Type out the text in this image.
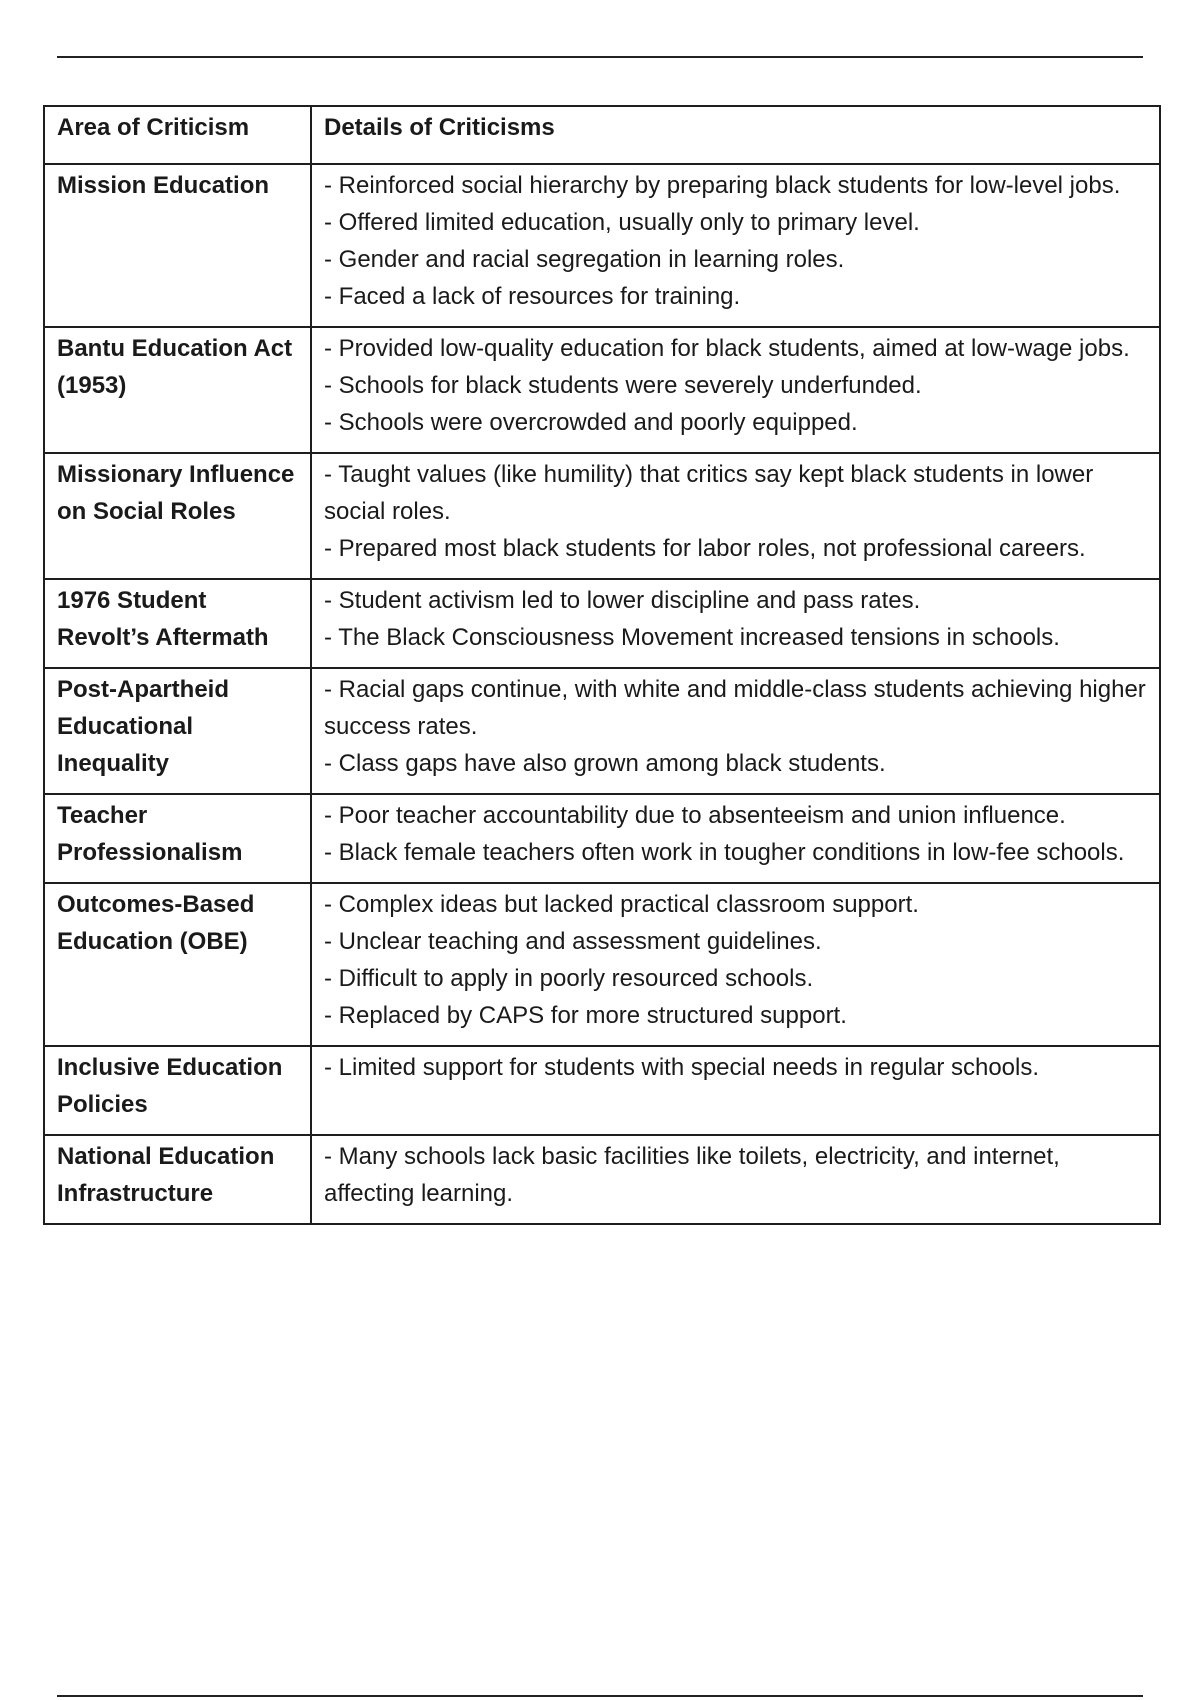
Area of Criticism	Details of Criticisms
Mission Education	- Reinforced social hierarchy by preparing black students for low-level jobs.
- Offered limited education, usually only to primary level.
- Gender and racial segregation in learning roles.
- Faced a lack of resources for training.

Bantu Education Act (1953)	- Provided low-quality education for black students, aimed at low-wage jobs.
- Schools for black students were severely underfunded.
- Schools were overcrowded and poorly equipped.

Missionary Influence on Social Roles	- Taught values (like humility) that critics say kept black students in lower social roles.
- Prepared most black students for labor roles, not professional careers.

1976 Student Revolt’s Aftermath	- Student activism led to lower discipline and pass rates.
- The Black Consciousness Movement increased tensions in schools.

Post-Apartheid Educational Inequality	- Racial gaps continue, with white and middle-class students achieving higher success rates.
- Class gaps have also grown among black students.

Teacher Professionalism	- Poor teacher accountability due to absenteeism and union influence.
- Black female teachers often work in tougher conditions in low-fee schools.

Outcomes-Based Education (OBE)	- Complex ideas but lacked practical classroom support.
- Unclear teaching and assessment guidelines.
- Difficult to apply in poorly resourced schools.
- Replaced by CAPS for more structured support.

Inclusive Education Policies	- Limited support for students with special needs in regular schools.

National Education Infrastructure	- Many schools lack basic facilities like toilets, electricity, and internet, affecting learning.
